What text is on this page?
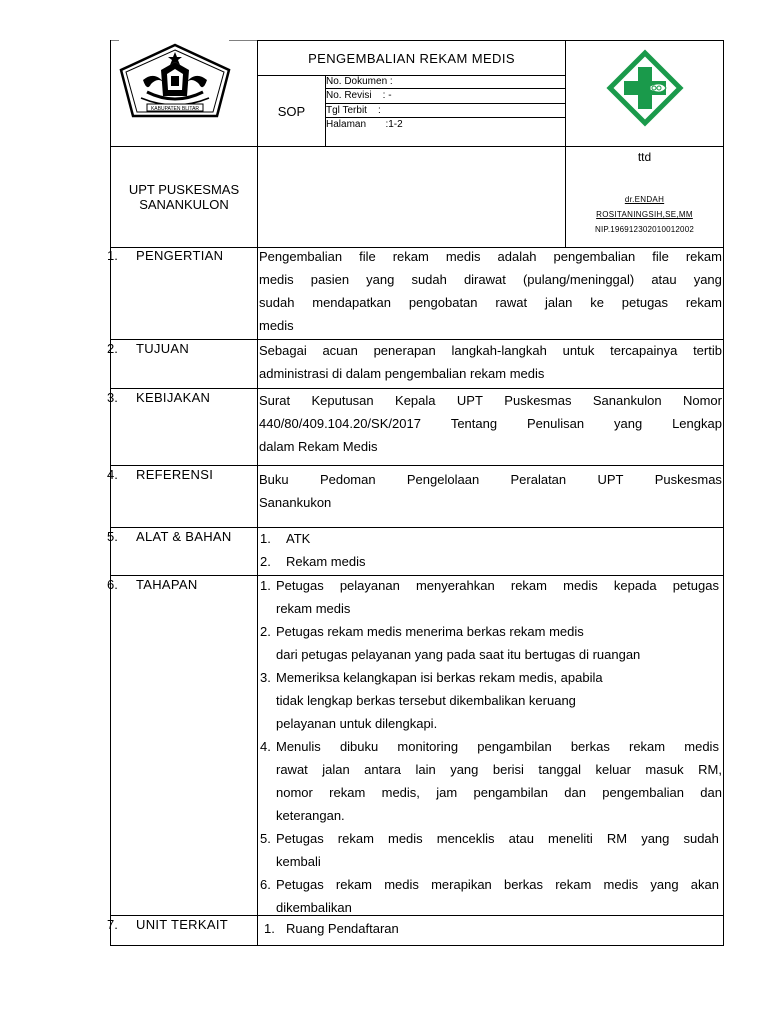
KABUPATEN BLITAR
PENGEMBALIAN REKAM MEDIS
SOP
No. Dokumen :
No. Revisi    : -
Tgl Terbit    :
Halaman       :1-2
UPT PUSKESMAS
SANANKULON
ttd
dr.ENDAH
ROSITANINGSIH,SE,MM
NIP.196912302010012002
1. PENGERTIAN	Pengembalian file rekam medis adalah pengembalian file rekam
medis pasien yang sudah dirawat (pulang/meninggal) atau yang
sudah mendapatkan pengobatan rawat jalan ke petugas rekam
medis
2. TUJUAN	Sebagai acuan penerapan langkah-langkah untuk tercapainya tertib
administrasi di dalam pengembalian rekam medis
3. KEBIJAKAN	Surat Keputusan Kepala UPT Puskesmas Sanankulon Nomor
440/80/409.104.20/SK/2017 Tentang Penulisan yang Lengkap
dalam Rekam Medis
4. REFERENSI	Buku Pedoman Pengelolaan Peralatan UPT Puskesmas
Sanankukon
5. ALAT & BAHAN 1. ATK
2. Rekam medis
6. TAHAPAN	1. Petugas pelayanan menyerahkan rekam medis kepada petugas
rekam medis
2. Petugas rekam medis menerima berkas rekam medis
dari petugas pelayanan yang pada saat itu bertugas di ruangan
3. Memeriksa kelangkapan isi berkas rekam medis, apabila
tidak lengkap berkas tersebut dikembalikan keruang
pelayanan untuk dilengkapi.
4. Menulis dibuku monitoring pengambilan berkas rekam medis
rawat jalan antara lain yang berisi tanggal keluar masuk RM,
nomor rekam medis, jam pengambilan dan pengembalian dan
keterangan.
5. Petugas rekam medis menceklis atau meneliti RM yang sudah
kembali
6. Petugas rekam medis merapikan berkas rekam medis yang akan
dikembalikan
7. UNIT TERKAIT	1. Ruang Pendaftaran
